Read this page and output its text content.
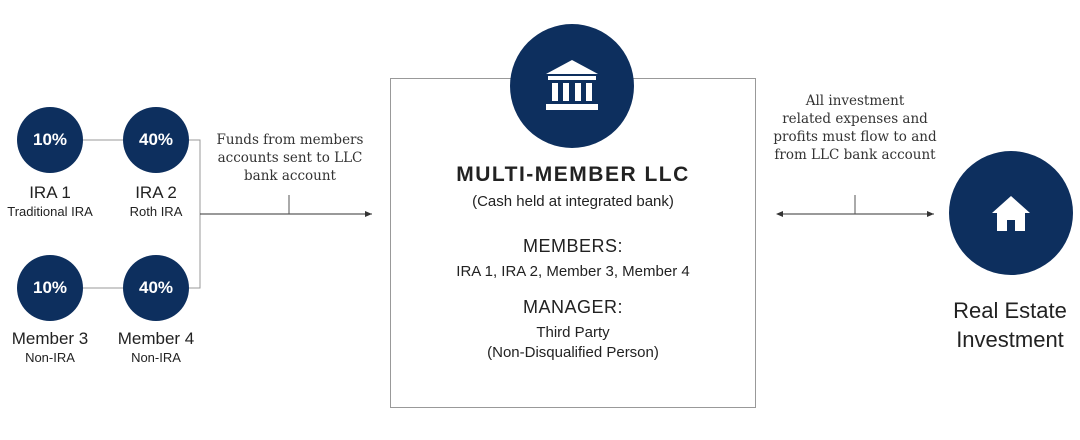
10%	40%
10%	40%
IRA 1
Traditional IRA
IRA 2
Roth IRA
Member 3
Non-IRA
Member 4
Non-IRA
Funds from members
accounts sent to LLC
bank account	MULTI-MEMBER LLC
(Cash held at integrated bank)
MEMBERS:
IRA 1, IRA 2, Member 3, Member 4
MANAGER:
Third Party
(Non-Disqualified Person)
All investment
related expenses and
profits must flow to and
from LLC bank account
Real Estate
Investment
